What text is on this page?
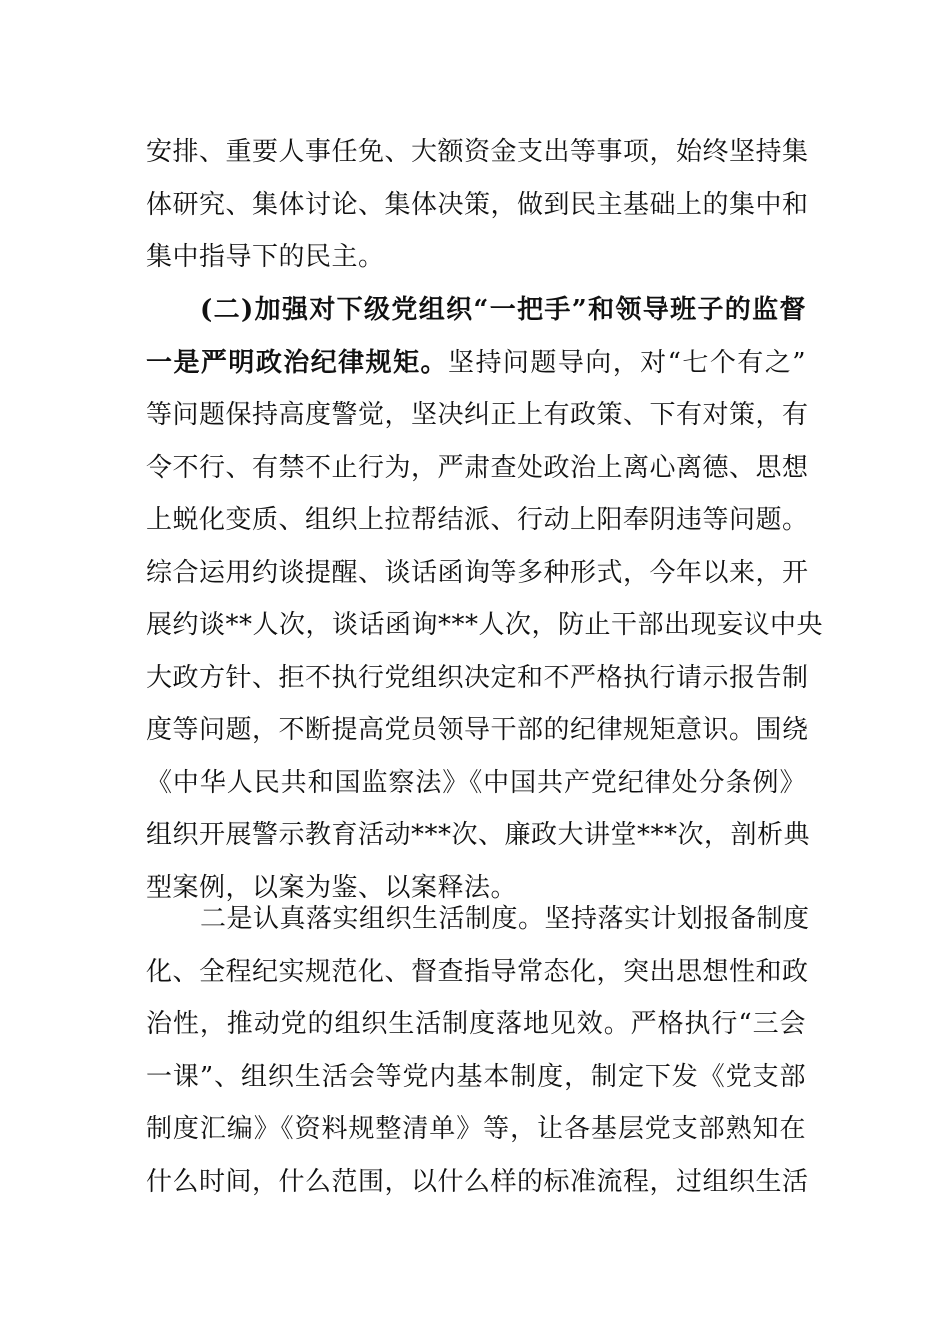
安排、重要人事任免、大额资金支出等事项，始终坚持集
体研究、集体讨论、集体决策，做到民主基础上的集中和
集中指导下的民主。
(二)加强对下级党组织“一把手”和领导班子的监督
一是严明政治纪律规矩。坚持问题导向，对“七个有之”
等问题保持高度警觉，坚决纠正上有政策、下有对策，有
令不行、有禁不止行为，严肃查处政治上离心离德、思想
上蜕化变质、组织上拉帮结派、行动上阳奉阴违等问题。
综合运用约谈提醒、谈话函询等多种形式，今年以来，开
展约谈**人次，谈话函询***人次，防止干部出现妄议中央
大政方针、拒不执行党组织决定和不严格执行请示报告制
度等问题，不断提高党员领导干部的纪律规矩意识。围绕
《中华人民共和国监察法》《中国共产党纪律处分条例》
组织开展警示教育活动***次、廉政大讲堂***次，剖析典
型案例，以案为鉴、以案释法。
二是认真落实组织生活制度。坚持落实计划报备制度
化、全程纪实规范化、督查指导常态化，突出思想性和政
治性，推动党的组织生活制度落地见效。严格执行“三会
一课”、组织生活会等党内基本制度，制定下发《党支部
制度汇编》《资料规整清单》等，让各基层党支部熟知在
什么时间，什么范围，以什么样的标准流程，过组织生活
